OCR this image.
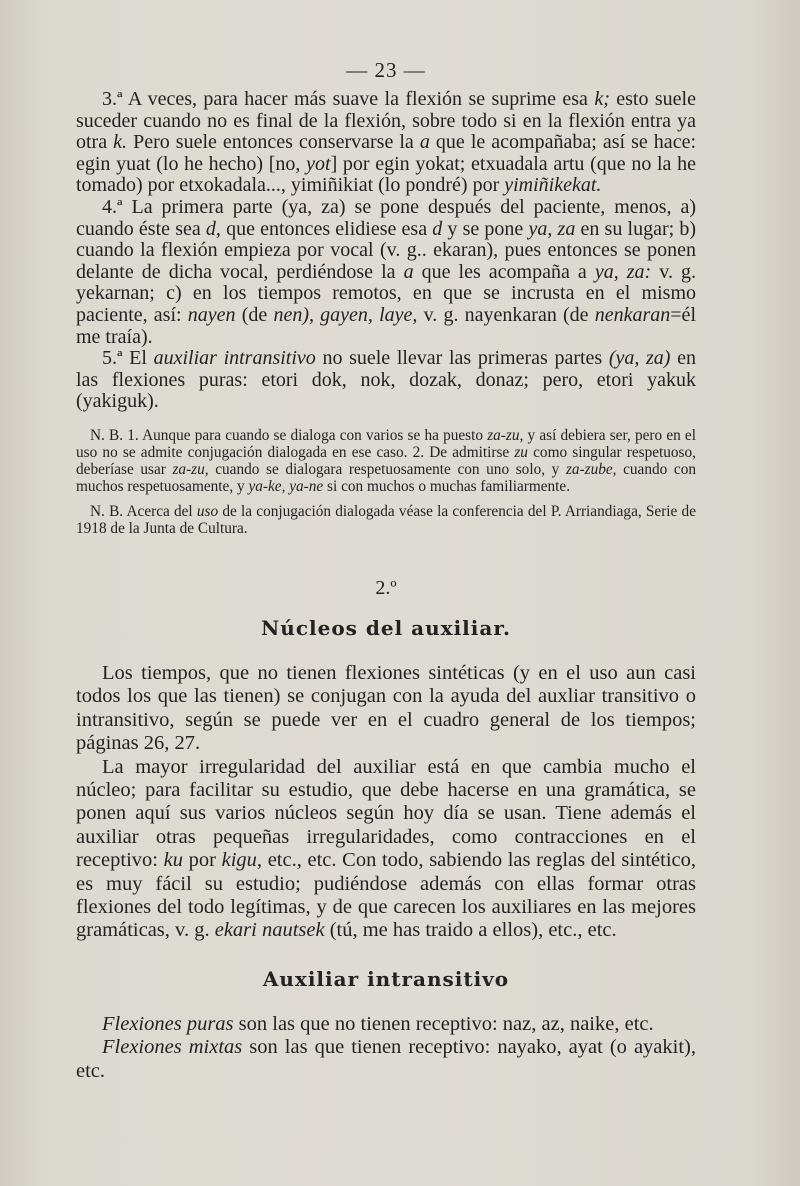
— 23 —

3.ª A veces, para hacer más suave la flexión se suprime esa k; esto suele suceder cuando no es final de la flexión, sobre todo si en la flexión entra ya otra k. Pero suele entonces conservarse la a que le acompañaba; así se hace: egin yuat (lo he hecho) [no, yot] por egin yokat; etxuadala artu (que no la he tomado) por etxokadala..., yimiñikiat (lo pondré) por yimiñikekat.

4.ª La primera parte (ya, za) se pone después del paciente, menos, a) cuando éste sea d, que entonces elidiese esa d y se pone ya, za en su lugar; b) cuando la flexión empieza por vocal (v. g.. ekaran), pues entonces se ponen delante de dicha vocal, perdiéndose la a que les acompaña a ya, za: v. g. yekarnan; c) en los tiempos remotos, en que se incrusta en el mismo paciente, así: nayen (de nen), gayen, laye, v. g. nayenkaran (de nenkaran=él me traía).

5.ª El auxiliar intransitivo no suele llevar las primeras partes (ya, za) en las flexiones puras: etori dok, nok, dozak, donaz; pero, etori yakuk (yakiguk).

N. B. 1. Aunque para cuando se dialoga con varios se ha puesto za-zu, y así debiera ser, pero en el uso no se admite conjugación dialogada en ese caso. 2. De admitirse zu como singular respetuoso, deberíase usar za-zu, cuando se dialogara respetuosamente con uno solo, y za-zube, cuando con muchos respetuosamente, y ya-ke, ya-ne si con muchos o muchas familiarmente.

N. B. Acerca del uso de la conjugación dialogada véase la conferencia del P. Arriandiaga, Serie de 1918 de la Junta de Cultura.

2.º
Núcleos del auxiliar.

Los tiempos, que no tienen flexiones sintéticas (y en el uso aun casi todos los que las tienen) se conjugan con la ayuda del auxliar transitivo o intransitivo, según se puede ver en el cuadro general de los tiempos; páginas 26, 27.

La mayor irregularidad del auxiliar está en que cambia mucho el núcleo; para facilitar su estudio, que debe hacerse en una gramática, se ponen aquí sus varios núcleos según hoy día se usan. Tiene además el auxiliar otras pequeñas irregularidades, como contracciones en el receptivo: ku por kigu, etc., etc. Con todo, sabiendo las reglas del sintético, es muy fácil su estudio; pudiéndose además con ellas formar otras flexiones del todo legítimas, y de que carecen los auxiliares en las mejores gramáticas, v. g. ekari nautsek (tú, me has traido a ellos), etc., etc.

Auxiliar intransitivo

Flexiones puras son las que no tienen receptivo: naz, az, naike, etc.

Flexiones mixtas son las que tienen receptivo: nayako, ayat (o ayakit), etc.
